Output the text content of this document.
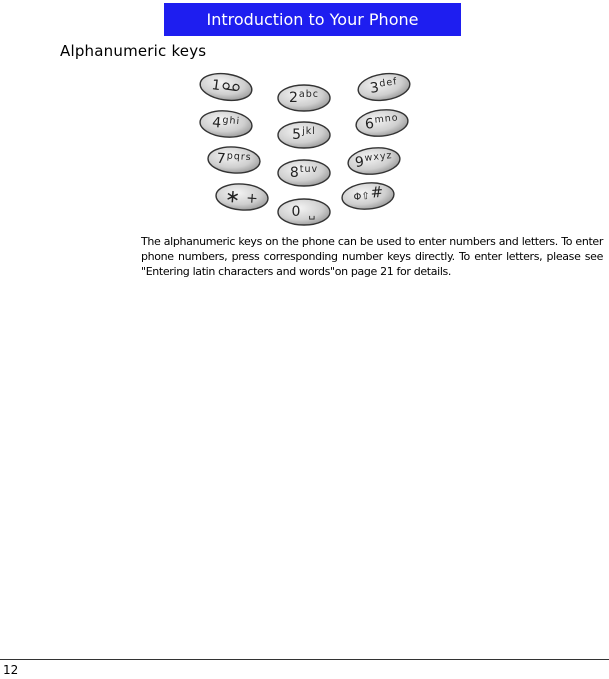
Introduction to Your Phone
Alphanumeric keys
1
2 abc	3
def
4 ghi
5 jkl	6 mno
7 pqrs
8 tuv	9 wxyz
∗ +
0 ␣
Φ⇧ #

The alphanumeric keys on the phone can be used to enter numbers and letters. To enter phone numbers, press corresponding number keys directly. To enter letters, please see "Entering latin characters and words"on page 21 for details.

12
